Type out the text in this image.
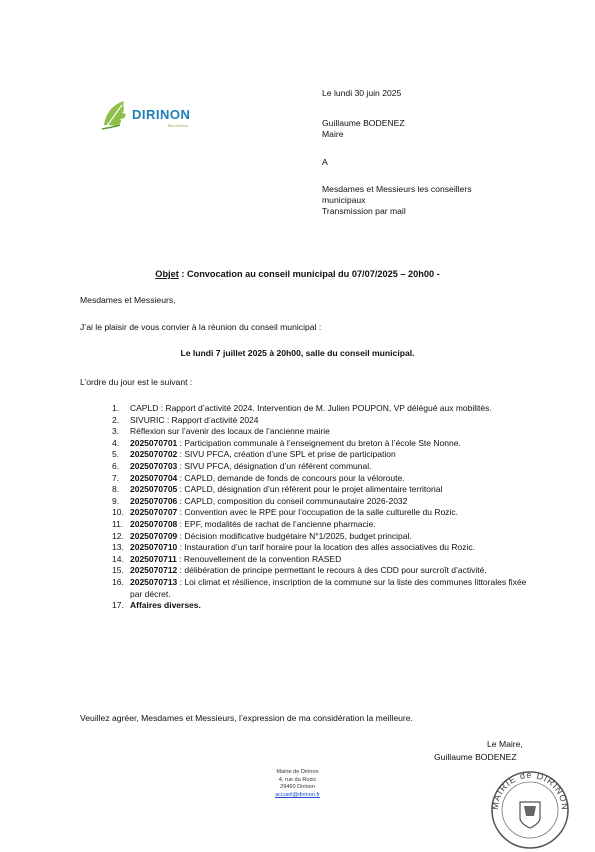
DIRINON
Bro Dirinon
Le lundi 30 juin 2025
Guillaume BODENEZ
Maire
A
Mesdames et Messieurs les conseillers
municipaux
Transmission par mail
Objet : Convocation au conseil municipal du 07/07/2025 – 20h00 -
Mesdames et Messieurs,
J’ai le plaisir de vous convier à la réunion du conseil municipal :
Le lundi 7 juillet 2025 à 20h00, salle du conseil municipal.
L’ordre du jour est le suivant :
1. CAPLD : Rapport d’activité 2024. Intervention de M. Julien POUPON, VP délégué aux mobilités.
2. SIVURIC : Rapport d’activité 2024
3. Réflexion sur l’avenir des locaux de l’ancienne mairie
4. 2025070701 : Participation communale à l’enseignement du breton à l’école Ste Nonne.
5. 2025070702 : SIVU PFCA, création d’une SPL et prise de participation
6. 2025070703 : SIVU PFCA, désignation d’un référent communal.
7. 2025070704 : CAPLD, demande de fonds de concours pour la véloroute.
8. 2025070705 : CAPLD, désignation d’un référent pour le projet alimentaire territorial
9. 2025070706 : CAPLD, composition du conseil communautaire 2026-2032
10. 2025070707 : Convention avec le RPE pour l’occupation de la salle culturelle du Rozic.
11. 2025070708 : EPF, modalités de rachat de l’ancienne pharmacie.
12. 2025070709 : Décision modificative budgétaire N°1/2025, budget principal.
13. 2025070710 : Instauration d’un tarif horaire pour la location des alles associatives du Rozic.
14. 2025070711 : Renouvellement de la convention RASED
15. 2025070712 : délibération de principe permettant le recours à des CDD pour surcroît d’activité.
16. 2025070713 : Loi climat et résilience, inscription de la commune sur la liste des communes littorales fixée par décret.
17. Affaires diverses.
Veuillez agréer, Mesdames et Messieurs, l’expression de ma considération la meilleure.
Le Maire,
Guillaume BODENEZ
Mairie de Dirinon
4, rue du Rozic
29460 Dirinon
accueil@dirinon.fr
MAIRIE de DIRINON
